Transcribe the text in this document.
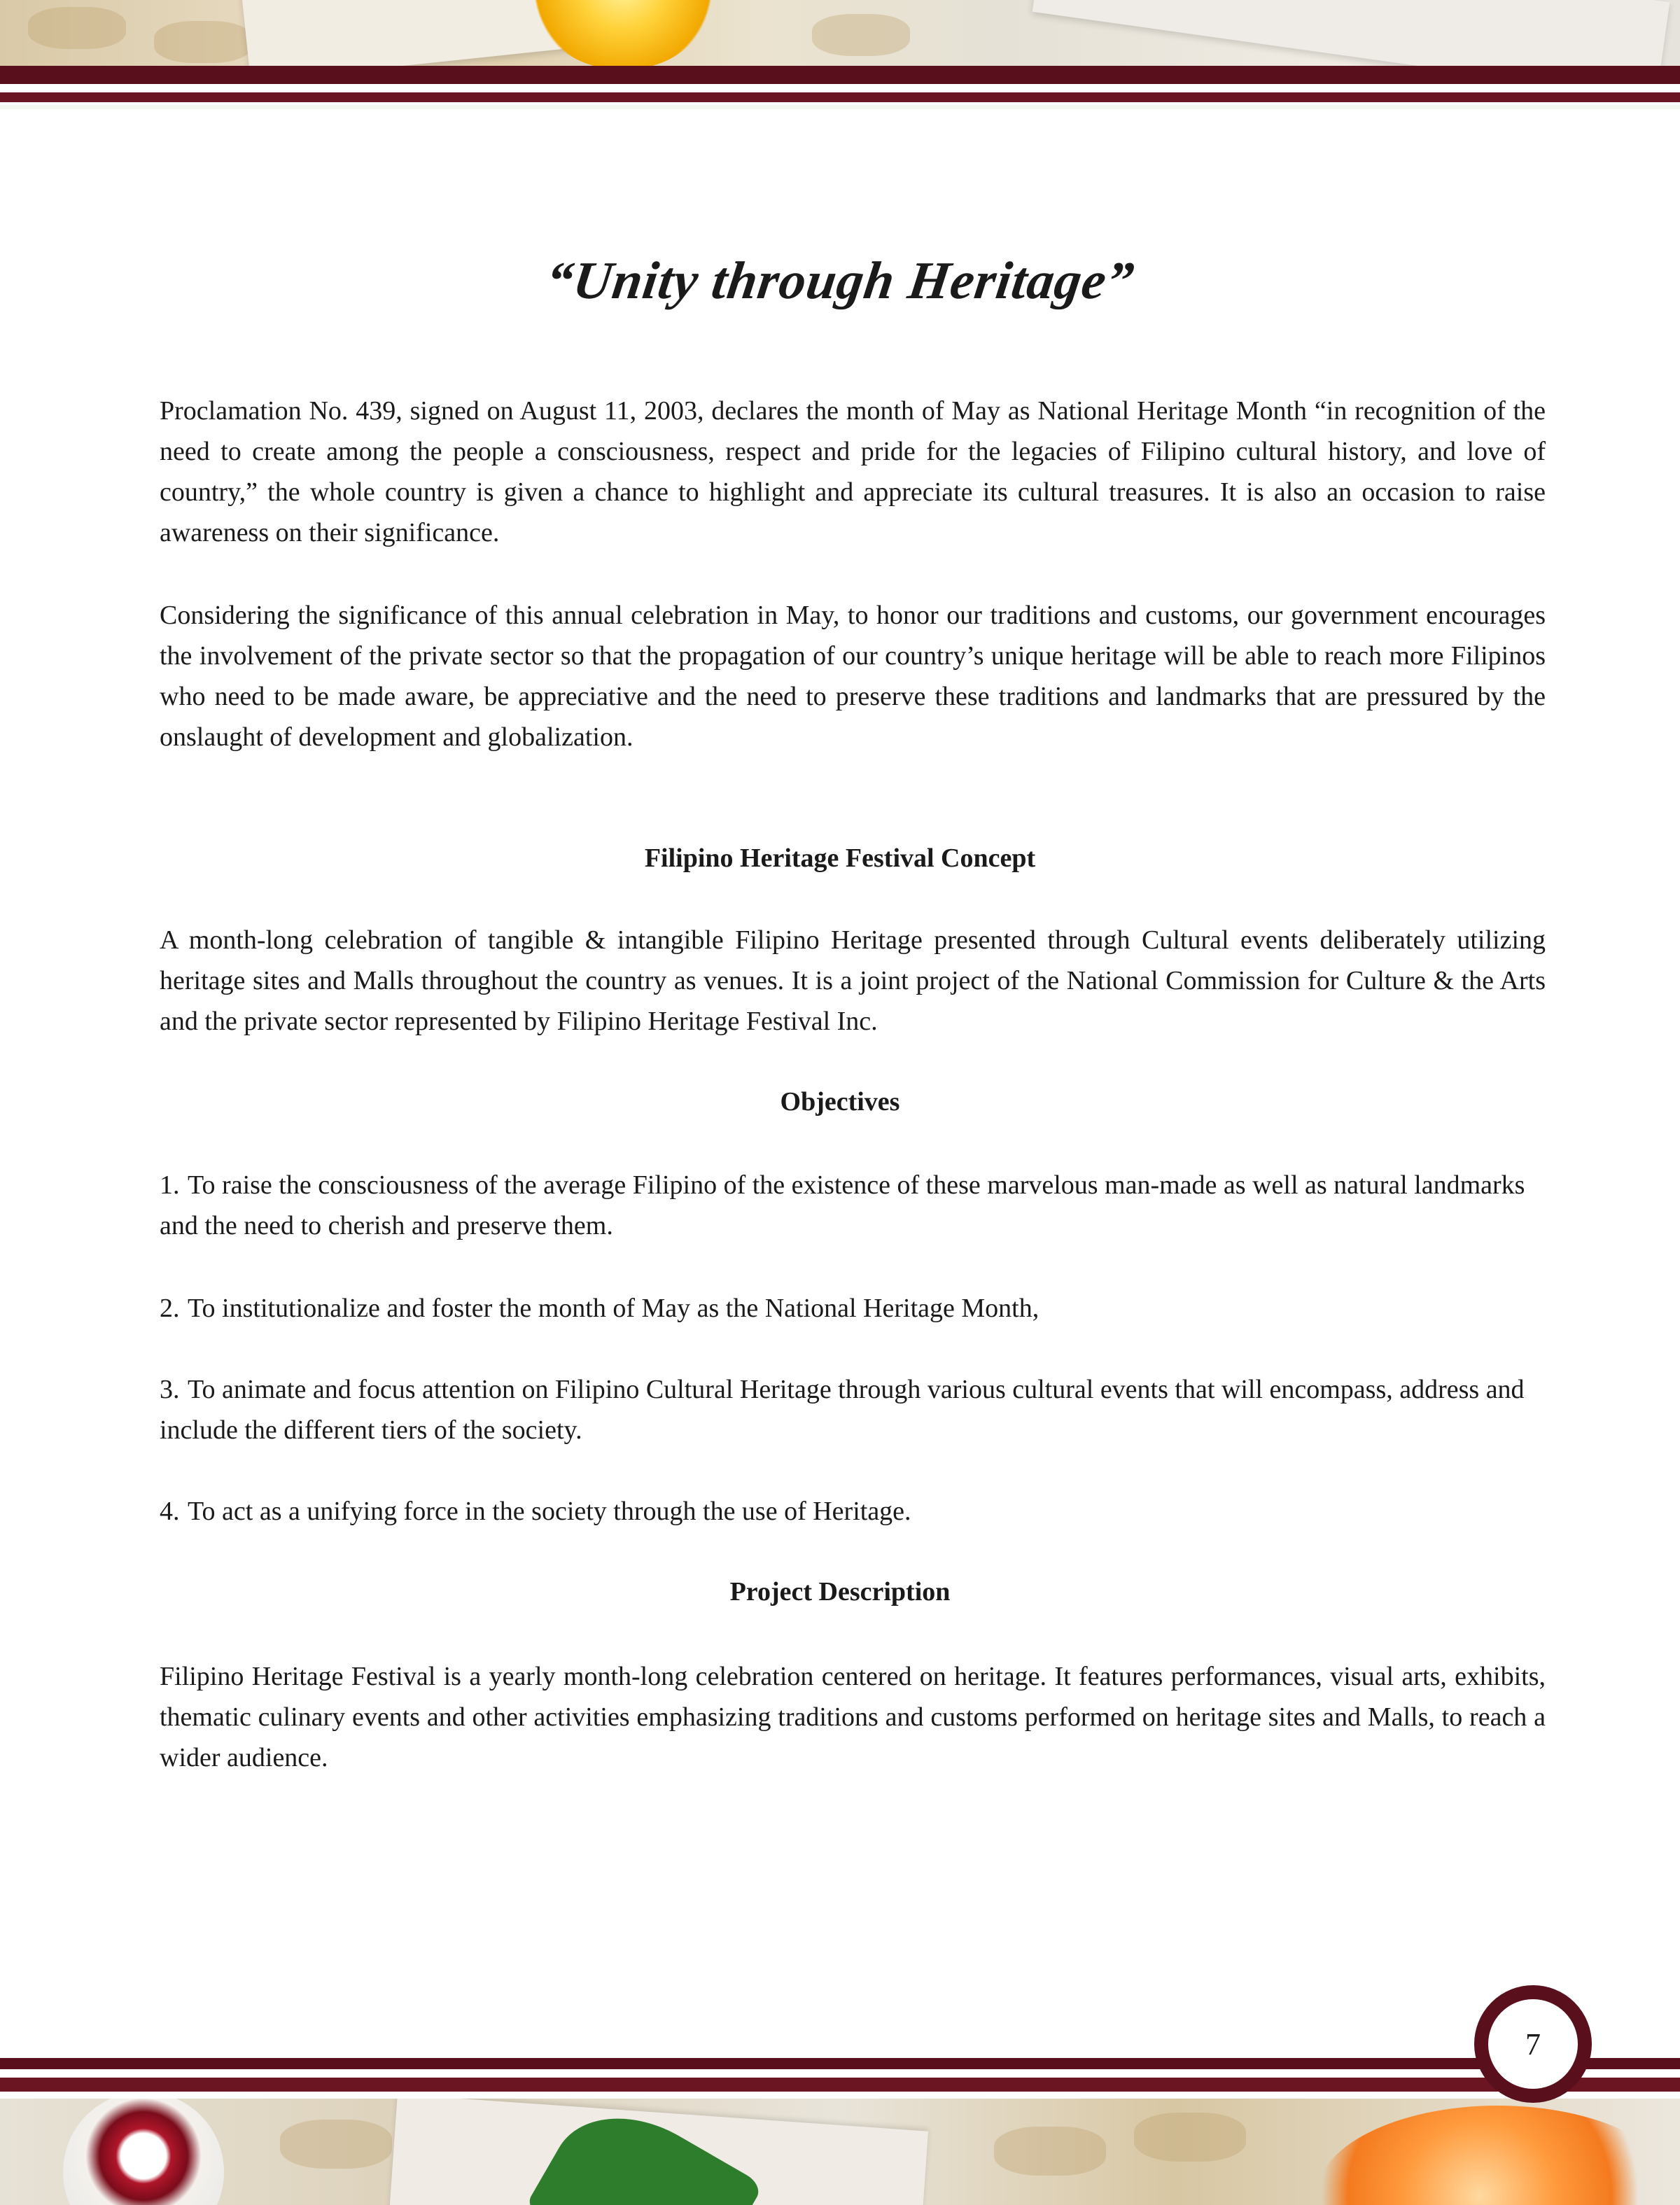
“Unity through Heritage”

Proclamation No. 439, signed on August 11, 2003, declares the month of May as National Heritage Month “in recognition of the need to create among the people a consciousness, respect and pride for the legacies of Filipino cultural history, and love of country,” the whole country is given a chance to highlight and appreciate its cultural treasures. It is also an occasion to raise awareness on their significance.

Considering the significance of this annual celebration in May, to honor our traditions and customs, our government encourages the involvement of the private sector so that the propagation of our country’s unique heritage will be able to reach more Filipinos who need to be made aware, be appreciative and the need to preserve these traditions and landmarks that are pressured by the onslaught of development and globalization.

Filipino Heritage Festival Concept

A month-long celebration of tangible & intangible Filipino Heritage presented through Cultural events deliberately utilizing heritage sites and Malls throughout the country as venues. It is a joint project of the National Commission for Culture & the Arts and the private sector represented by Filipino Heritage Festival Inc.

Objectives
1. To raise the consciousness of the average Filipino of the existence of these marvelous man-made as well as natural landmarks and the need to cherish and preserve them.
2. To institutionalize and foster the month of May as the National Heritage Month,
3. To animate and focus attention on Filipino Cultural Heritage through various cultural events that will encompass, address and include the different tiers of the society.
4. To act as a unifying force in the society through the use of Heritage.
Project Description

Filipino Heritage Festival is a yearly month-long celebration centered on heritage. It features performances, visual arts, exhibits, thematic culinary events and other activities emphasizing traditions and customs performed on heritage sites and Malls, to reach a wider audience.

7
